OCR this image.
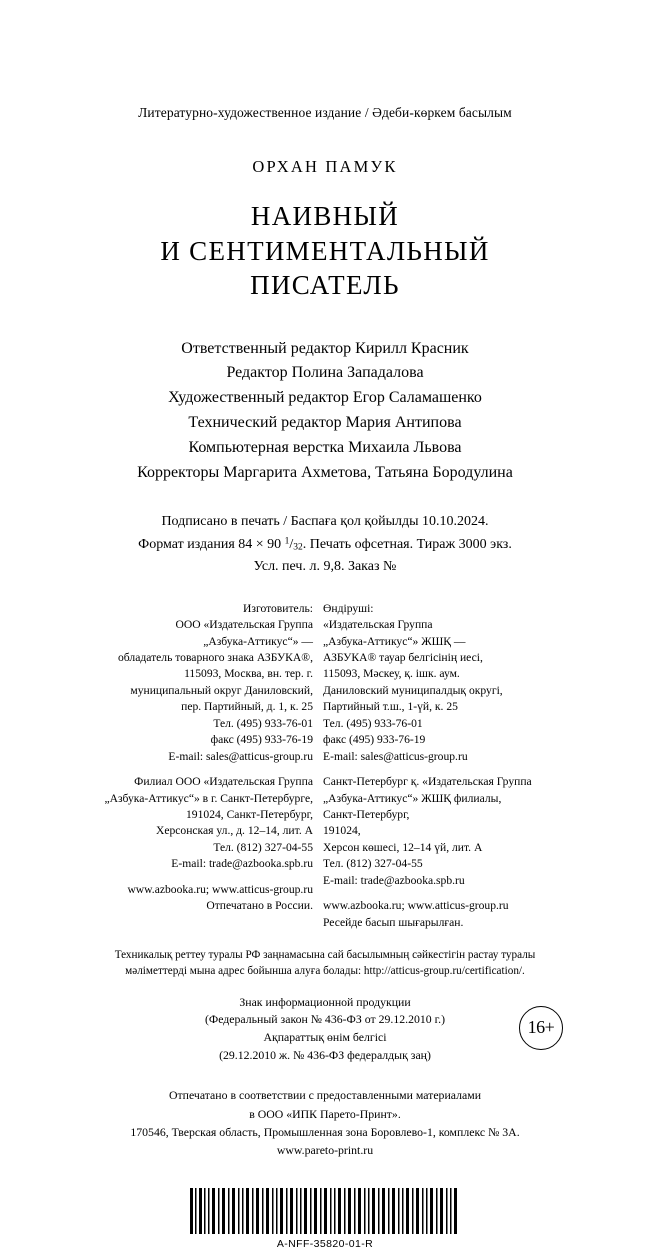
Литературно-художественное издание / Әдеби-көркем басылым
ОРХАН ПАМУК
НАИВНЫЙ
И СЕНТИМЕНТАЛЬНЫЙ
ПИСАТЕЛЬ
Ответственный редактор Кирилл Красник
Редактор Полина Западалова
Художественный редактор Егор Саламашенко
Технический редактор Мария Антипова
Компьютерная верстка Михаила Львова
Корректоры Маргарита Ахметова, Татьяна Бородулина
Подписано в печать / Баспаға қол қойылды 10.10.2024.
Формат издания 84 × 90 $^1/_{32}$. Печать офсетная. Тираж 3000 экз.
Усл. печ. л. 9,8. Заказ №
Изготовитель:
ООО «Издательская Группа
„Азбука-Аттикус“» —
обладатель товарного знака АЗБУКА®,
115093, Москва, вн. тер. г.
муниципальный округ Даниловский,
пер. Партийный, д. 1, к. 25
Тел. (495) 933-76-01
факс (495) 933-76-19
E-mail: sales@atticus-group.ru
Филиал ООО «Издательская Группа
„Азбука-Аттикус“» в г. Санкт-Петербурге,
191024, Санкт-Петербург,
Херсонская ул., д. 12–14, лит. А
Тел. (812) 327-04-55
E-mail: trade@azbooka.spb.ru
www.azbooka.ru; www.atticus-group.ru
Отпечатано в России.
Өндіруші:
«Издательская Группа
„Азбука-Аттикус“» ЖШҚ —
АЗБУКА® тауар белгісінің иесі,
115093, Мәскеу, қ. ішк. аум.
Даниловский муниципалдық округі,
Партийный т.ш., 1-үй, к. 25
Тел. (495) 933-76-01
факс (495) 933-76-19
E-mail: sales@atticus-group.ru
Санкт-Петербург қ. «Издательская Группа
„Азбука-Аттикус“» ЖШҚ филиалы,
Санкт-Петербург,
191024,
Херсон көшесі, 12–14 үй, лит. А
Тел. (812) 327-04-55
E-mail: trade@azbooka.spb.ru
www.azbooka.ru; www.atticus-group.ru
Ресейде басып шығарылған.
Техникалық реттеу туралы РФ заңнамасына сай басылымның сәйкестігін растау туралы
мәліметтерді мына адрес бойынша алуға болады: http://atticus-group.ru/certification/.
Знак информационной продукции
(Федеральный закон № 436-ФЗ от 29.12.2010 г.)
Ақпараттық өнім белгісі
(29.12.2010 ж. № 436-ФЗ федералдық заң)
16+
Отпечатано в соответствии с предоставленными материалами
в ООО «ИПК Парето-Принт».
170546, Тверская область, Промышленная зона Боровлево-1, комплекс № 3А.
www.pareto-print.ru
A-NFF-35820-01-R
